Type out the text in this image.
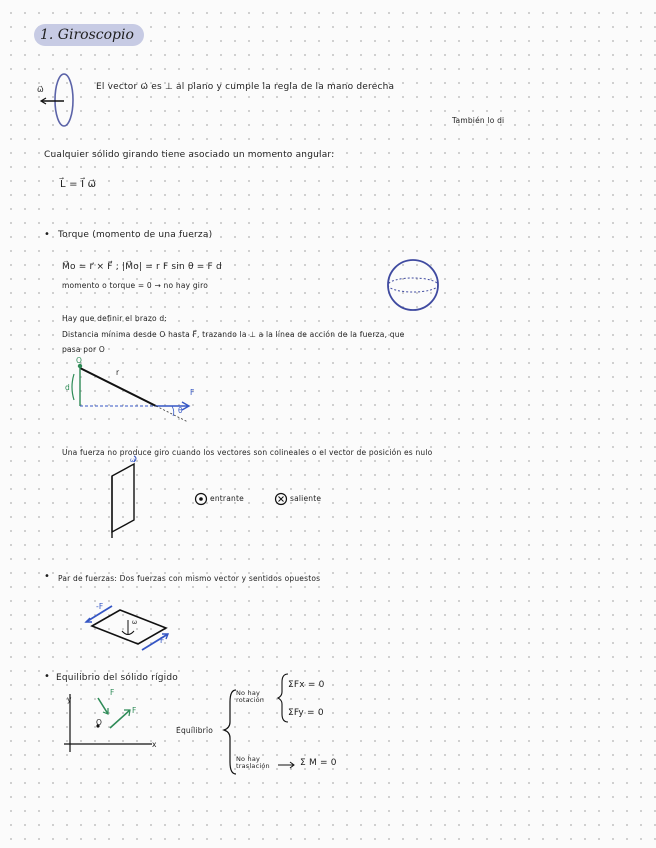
1. Giroscopio
ω⃗	El vector ω⃗ es ⊥ al plano y cumple la regla de la mano derecha
También lo di
Cualquier sólido girando tiene asociado un momento angular:
L⃗ = I⃗ ω⃗
• Torque (momento de una fuerza)
M⃗o = r⃗ × F⃗ ; |M⃗o| = r F sin θ = F d
momento o torque = 0 → no hay giro
Hay que definir el brazo d:
Distancia mínima desde O hasta F⃗, trazando la ⊥ a la línea de acción de la fuerza, que
pasa por O
O
d
r
F
θ
Una fuerza no produce giro cuando los vectores son colineales o el vector de posición es nulo
ω
entrante	saliente
• Par de fuerzas: Dos fuerzas con mismo vector y sentidos opuestos
-F
F
ω
• Equilibrio del sólido rígido
y
x
F
F
O
Equilibrio
No hay rotación
No hay traslación
ΣFx = 0
ΣFy = 0
Σ M = 0
